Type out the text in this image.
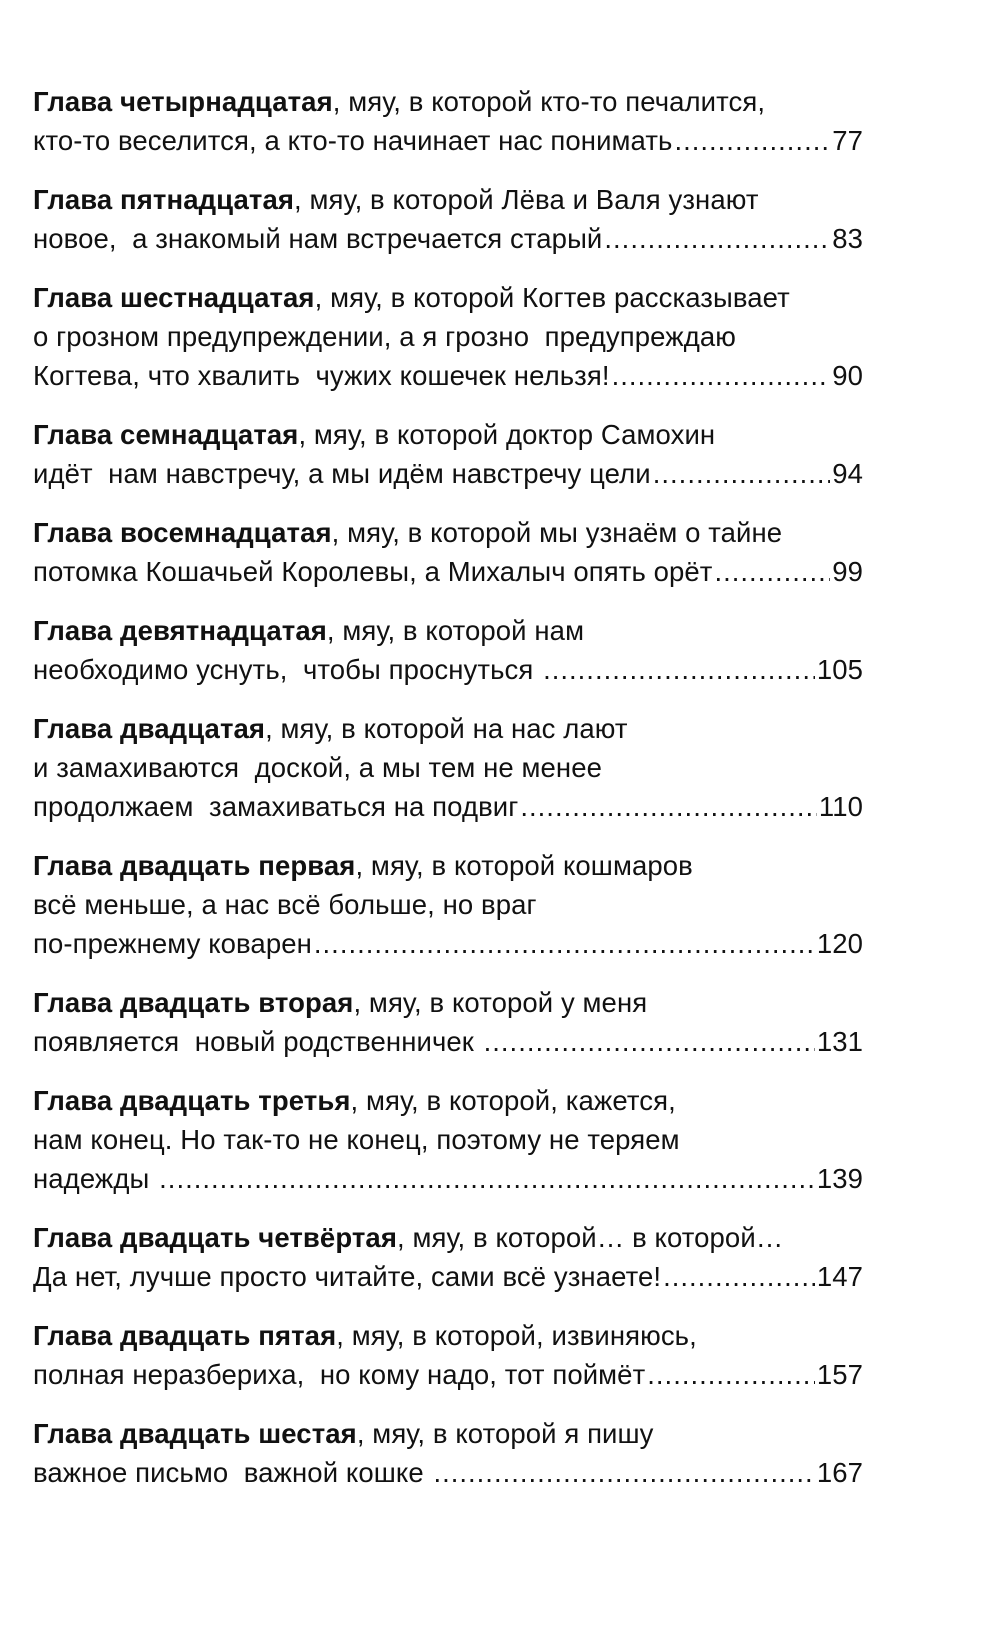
Глава четырнадцатая, мяу, в которой кто-то печалится,
кто-то веселится, а кто-то начинает нас понимать .....	77
Глава пятнадцатая, мяу, в которой Лёва и Валя узнают
новое,  а знакомый нам встречается старый .....	83
Глава шестнадцатая, мяу, в которой Когтев рассказывает
о грозном предупреждении, а я грозно  предупреждаю
Когтева, что хвалить  чужих кошечек нельзя! .....	90
Глава семнадцатая, мяу, в которой доктор Самохин
идёт  нам навстречу, а мы идём навстречу цели .....	94
Глава восемнадцатая, мяу, в которой мы узнаём о тайне
потомка Кошачьей Королевы, а Михалыч опять орёт .....	99
Глава девятнадцатая, мяу, в которой нам
необходимо уснуть,  чтобы проснуться .....	105
Глава двадцатая, мяу, в которой на нас лают
и замахиваются  доской, а мы тем не менее
продолжаем  замахиваться на подвиг .....	110
Глава двадцать первая, мяу, в которой кошмаров
всё меньше, а нас всё больше, но враг
по-прежнему коварен .....	120
Глава двадцать вторая, мяу, в которой у меня
появляется  новый родственничек .....	131
Глава двадцать третья, мяу, в которой, кажется,
нам конец. Но так-то не конец, поэтому не теряем
надежды .....	139
Глава двадцать четвёртая, мяу, в которой… в которой…
Да нет, лучше просто читайте, сами всё узнаете! .....	147
Глава двадцать пятая, мяу, в которой, извиняюсь,
полная неразбериха,  но кому надо, тот поймёт .....	157
Глава двадцать шестая, мяу, в которой я пишу
важное письмо  важной кошке .....	167
